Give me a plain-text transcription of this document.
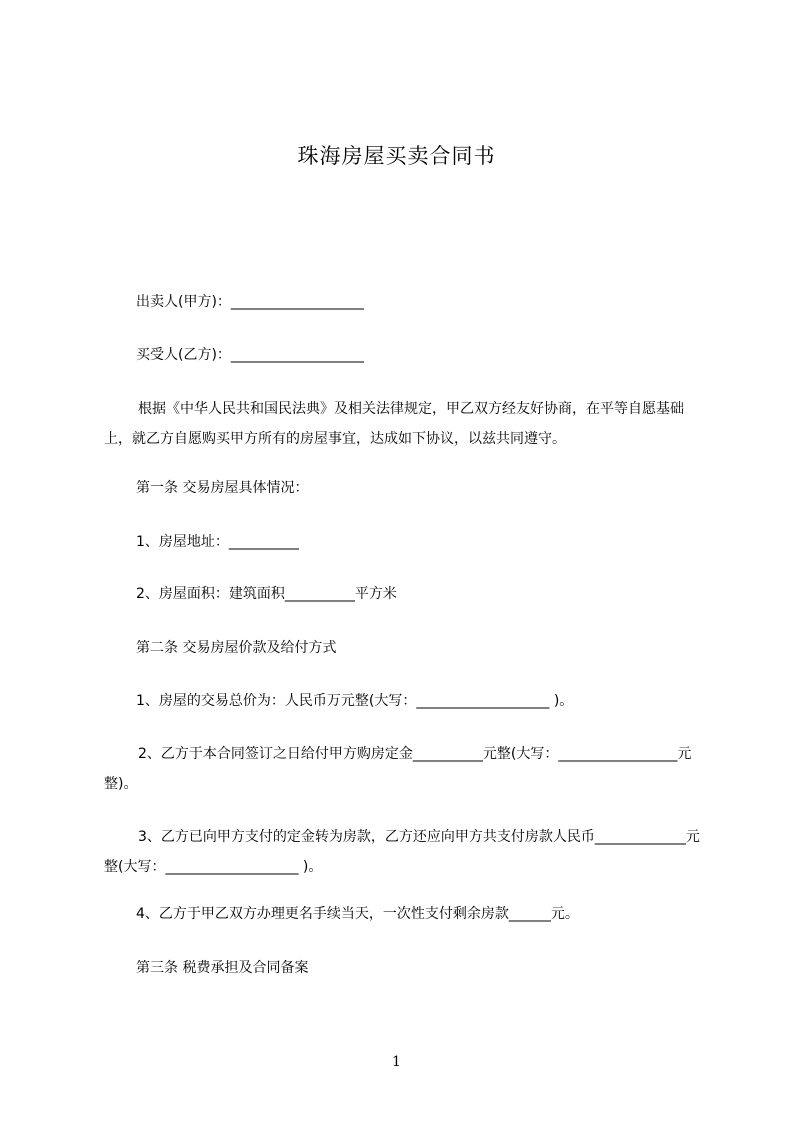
珠海房屋买卖合同书

出卖人(甲方)：___________________

买受人(乙方)：___________________

根据《中华人民共和国民法典》及相关法律规定，甲乙双方经友好协商，在平等自愿基础上，就乙方自愿购买甲方所有的房屋事宜，达成如下协议，以兹共同遵守。

第一条 交易房屋具体情况：

1、房屋地址：__________

2、房屋面积：建筑面积__________平方米

第二条 交易房屋价款及给付方式

1、房屋的交易总价为：人民币万元整(大写：___________________ )。

2、乙方于本合同签订之日给付甲方购房定金__________元整(大写：_________________元整)。

3、乙方已向甲方支付的定金转为房款，乙方还应向甲方共支付房款人民币_____________元整(大写：___________________ )。

4、乙方于甲乙双方办理更名手续当天，一次性支付剩余房款______元。

第三条 税费承担及合同备案

1
